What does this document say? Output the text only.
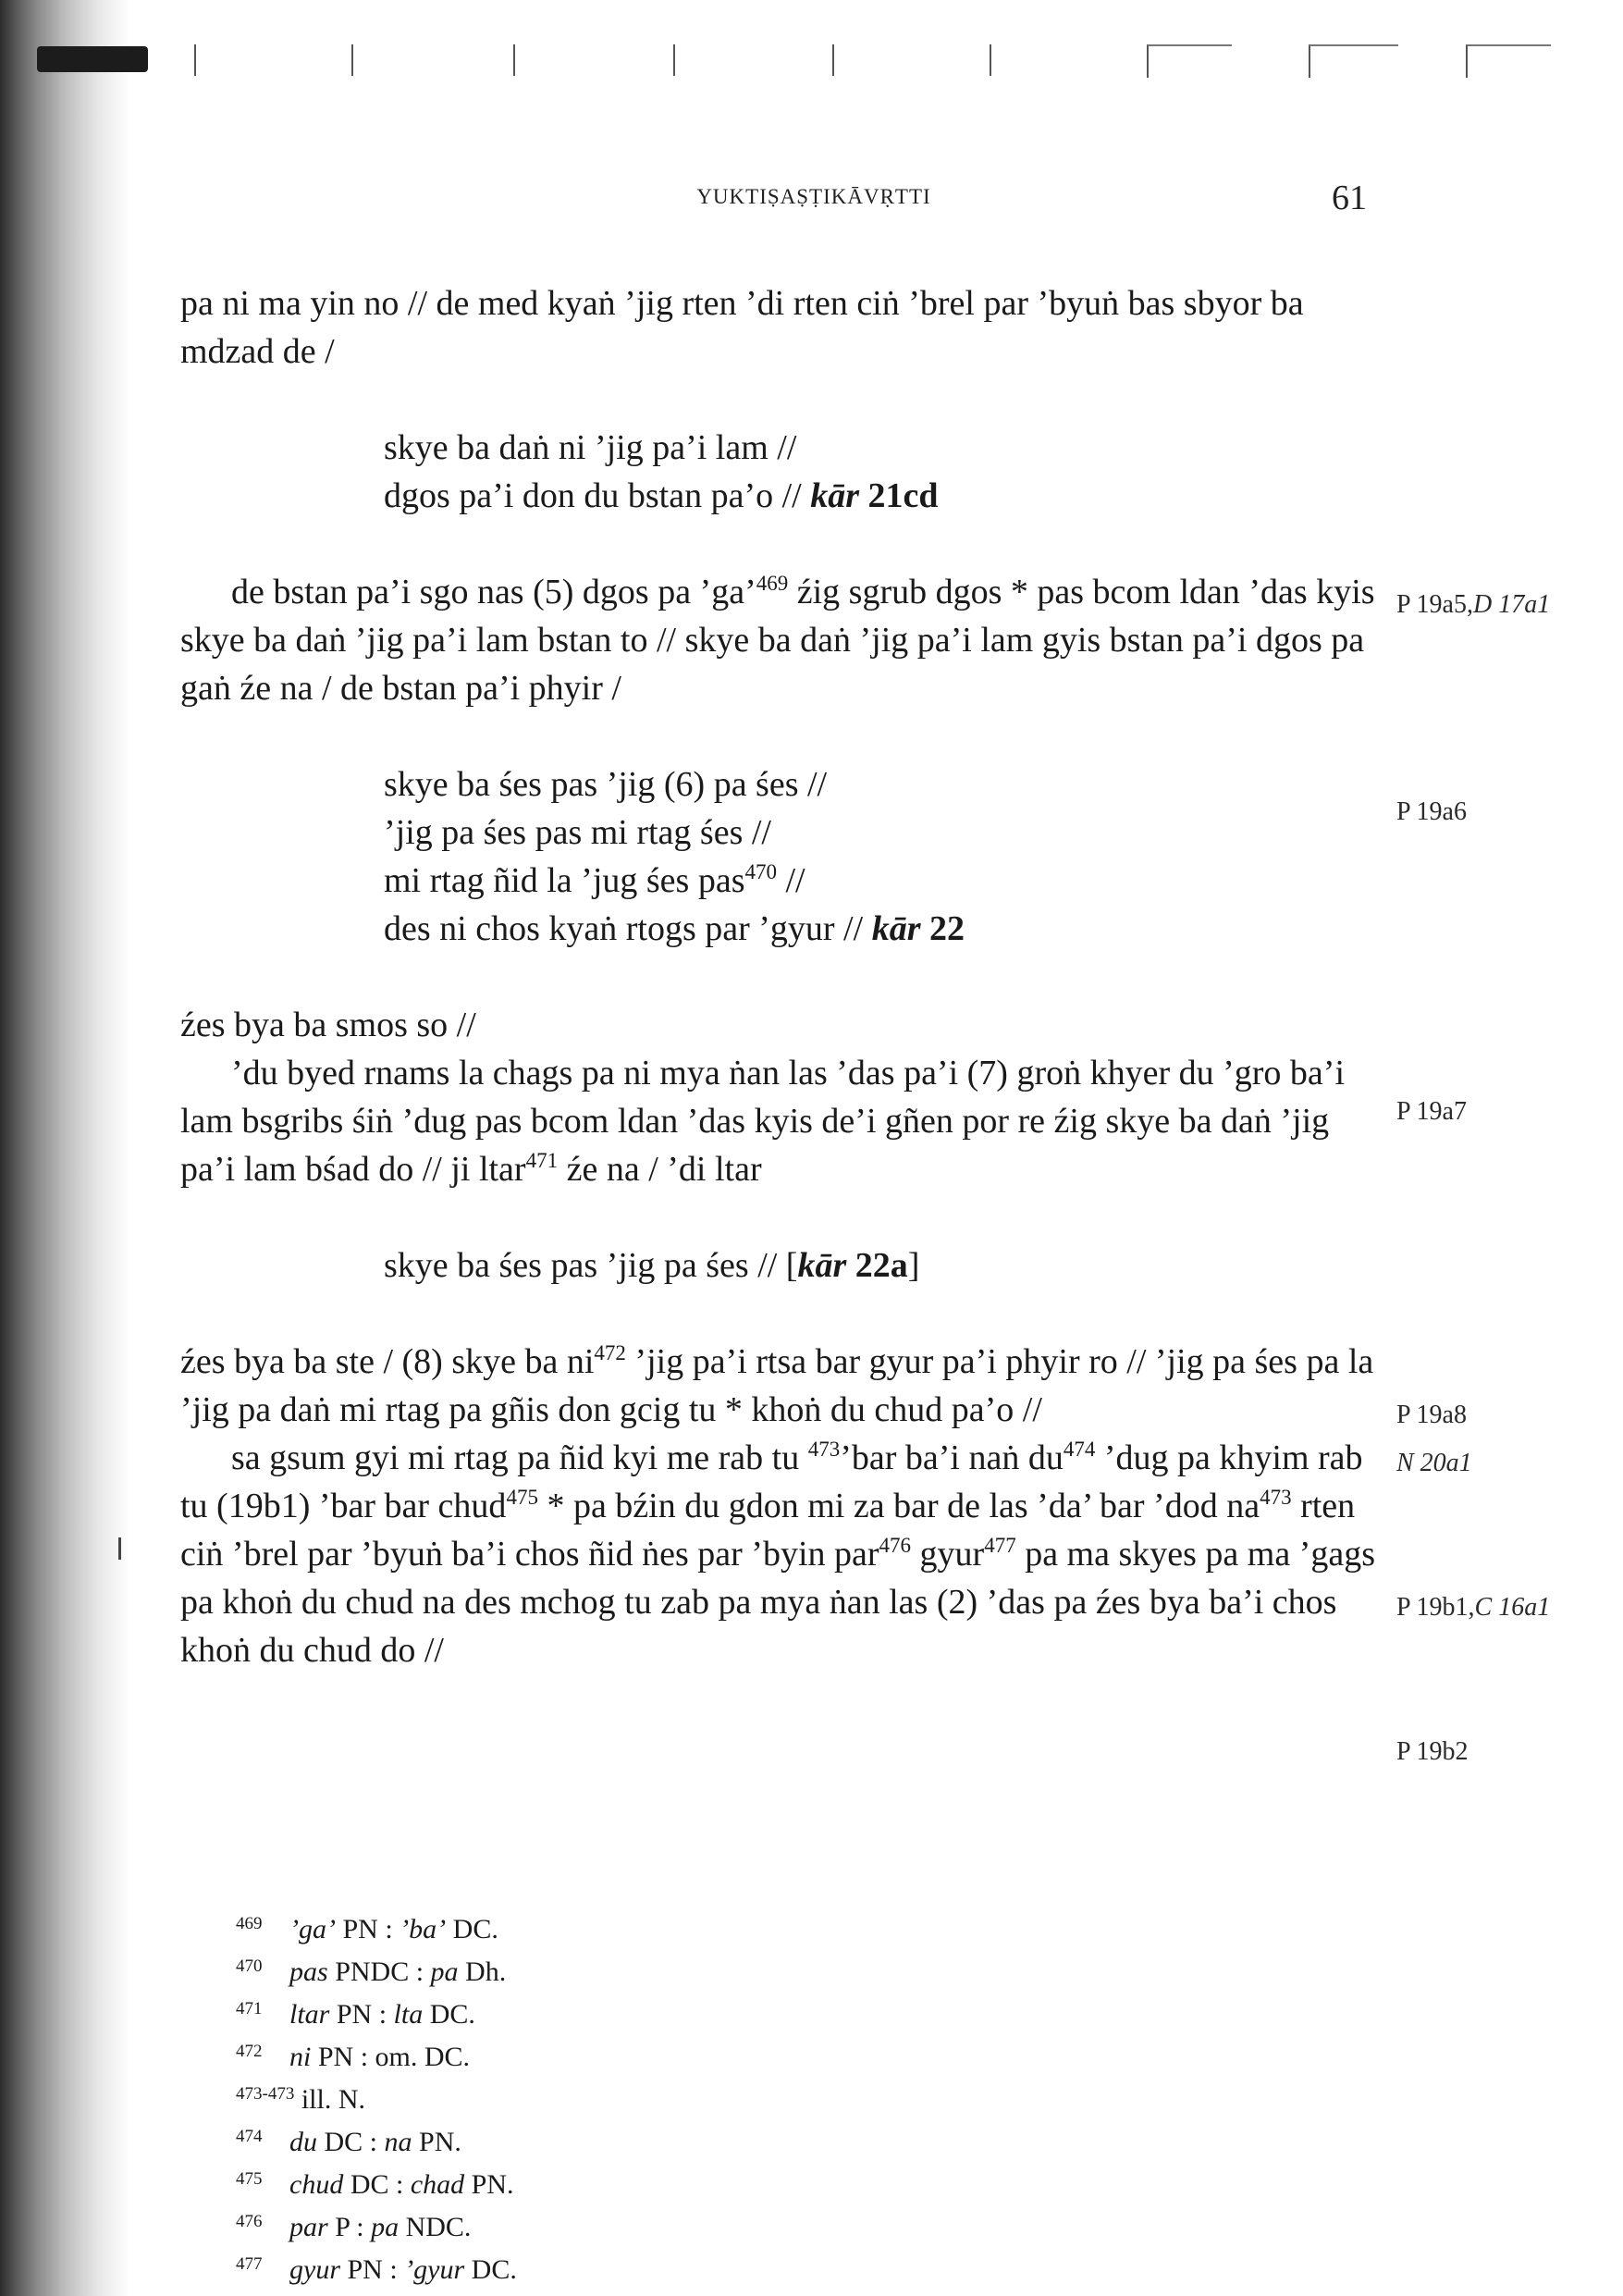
YUKTIṢAṢṬIKĀVṚTTI	61

pa ni ma yin no // de med kyaṅ ’jig rten ’di rten ciṅ ’brel par ’byuṅ bas sbyor ba mdzad de /

skye ba daṅ ni ’jig pa’i lam //
dgos pa’i don du bstan pa’o // kār 21cd

de bstan pa’i sgo nas (5) dgos pa ’ga’$^{469}$ źig sgrub dgos * pas bcom ldan ’das kyis skye ba daṅ ’jig pa’i lam bstan to // skye ba daṅ ’jig pa’i lam gyis bstan pa’i dgos pa gaṅ źe na / de bstan pa’i phyir /

skye ba śes pas ’jig (6) pa śes //
’jig pa śes pas mi rtag śes //
mi rtag ñid la ’jug śes pas$^{470}$ //
des ni chos kyaṅ rtogs par ’gyur // kār 22

źes bya ba smos so //

’du byed rnams la chags pa ni mya ṅan las ’das pa’i (7) groṅ khyer du ’gro ba’i lam bsgribs śiṅ ’dug pas bcom ldan ’das kyis de’i gñen por re źig skye ba daṅ ’jig pa’i lam bśad do // ji ltar$^{471}$ źe na / ’di ltar

skye ba śes pas ’jig pa śes // [kār 22a]

źes bya ba ste / (8) skye ba ni$^{472}$ ’jig pa’i rtsa bar gyur pa’i phyir ro // ’jig pa śes pa la ’jig pa daṅ mi rtag pa gñis don gcig tu * khoṅ du chud pa’o //

sa gsum gyi mi rtag pa ñid kyi me rab tu $^{473}$’bar ba’i naṅ du$^{474}$ ’dug pa khyim rab tu (19b1) ’bar bar chud$^{475}$ * pa bźin du gdon mi za bar de las ’da’ bar ’dod na$^{473}$ rten ciṅ ’brel par ’byuṅ ba’i chos ñid ṅes par ’byin par$^{476}$ gyur$^{477}$ pa ma skyes pa ma ’gags pa khoṅ du chud na des mchog tu zab pa mya ṅan las (2) ’das pa źes bya ba’i chos khoṅ du chud do //

P 19a5,D 17a1
P 19a6
P 19a7
P 19a8
N 20a1
P 19b1,C 16a1
P 19b2
469 ’ga’ PN : ’ba’ DC.
470 pas PNDC : pa Dh.
471 ltar PN : lta DC.
472 ni PN : om. DC.
473-473 ill. N.
474 du DC : na PN.
475 chud DC : chad PN.
476 par P : pa NDC.
477 gyur PN : ’gyur DC.
